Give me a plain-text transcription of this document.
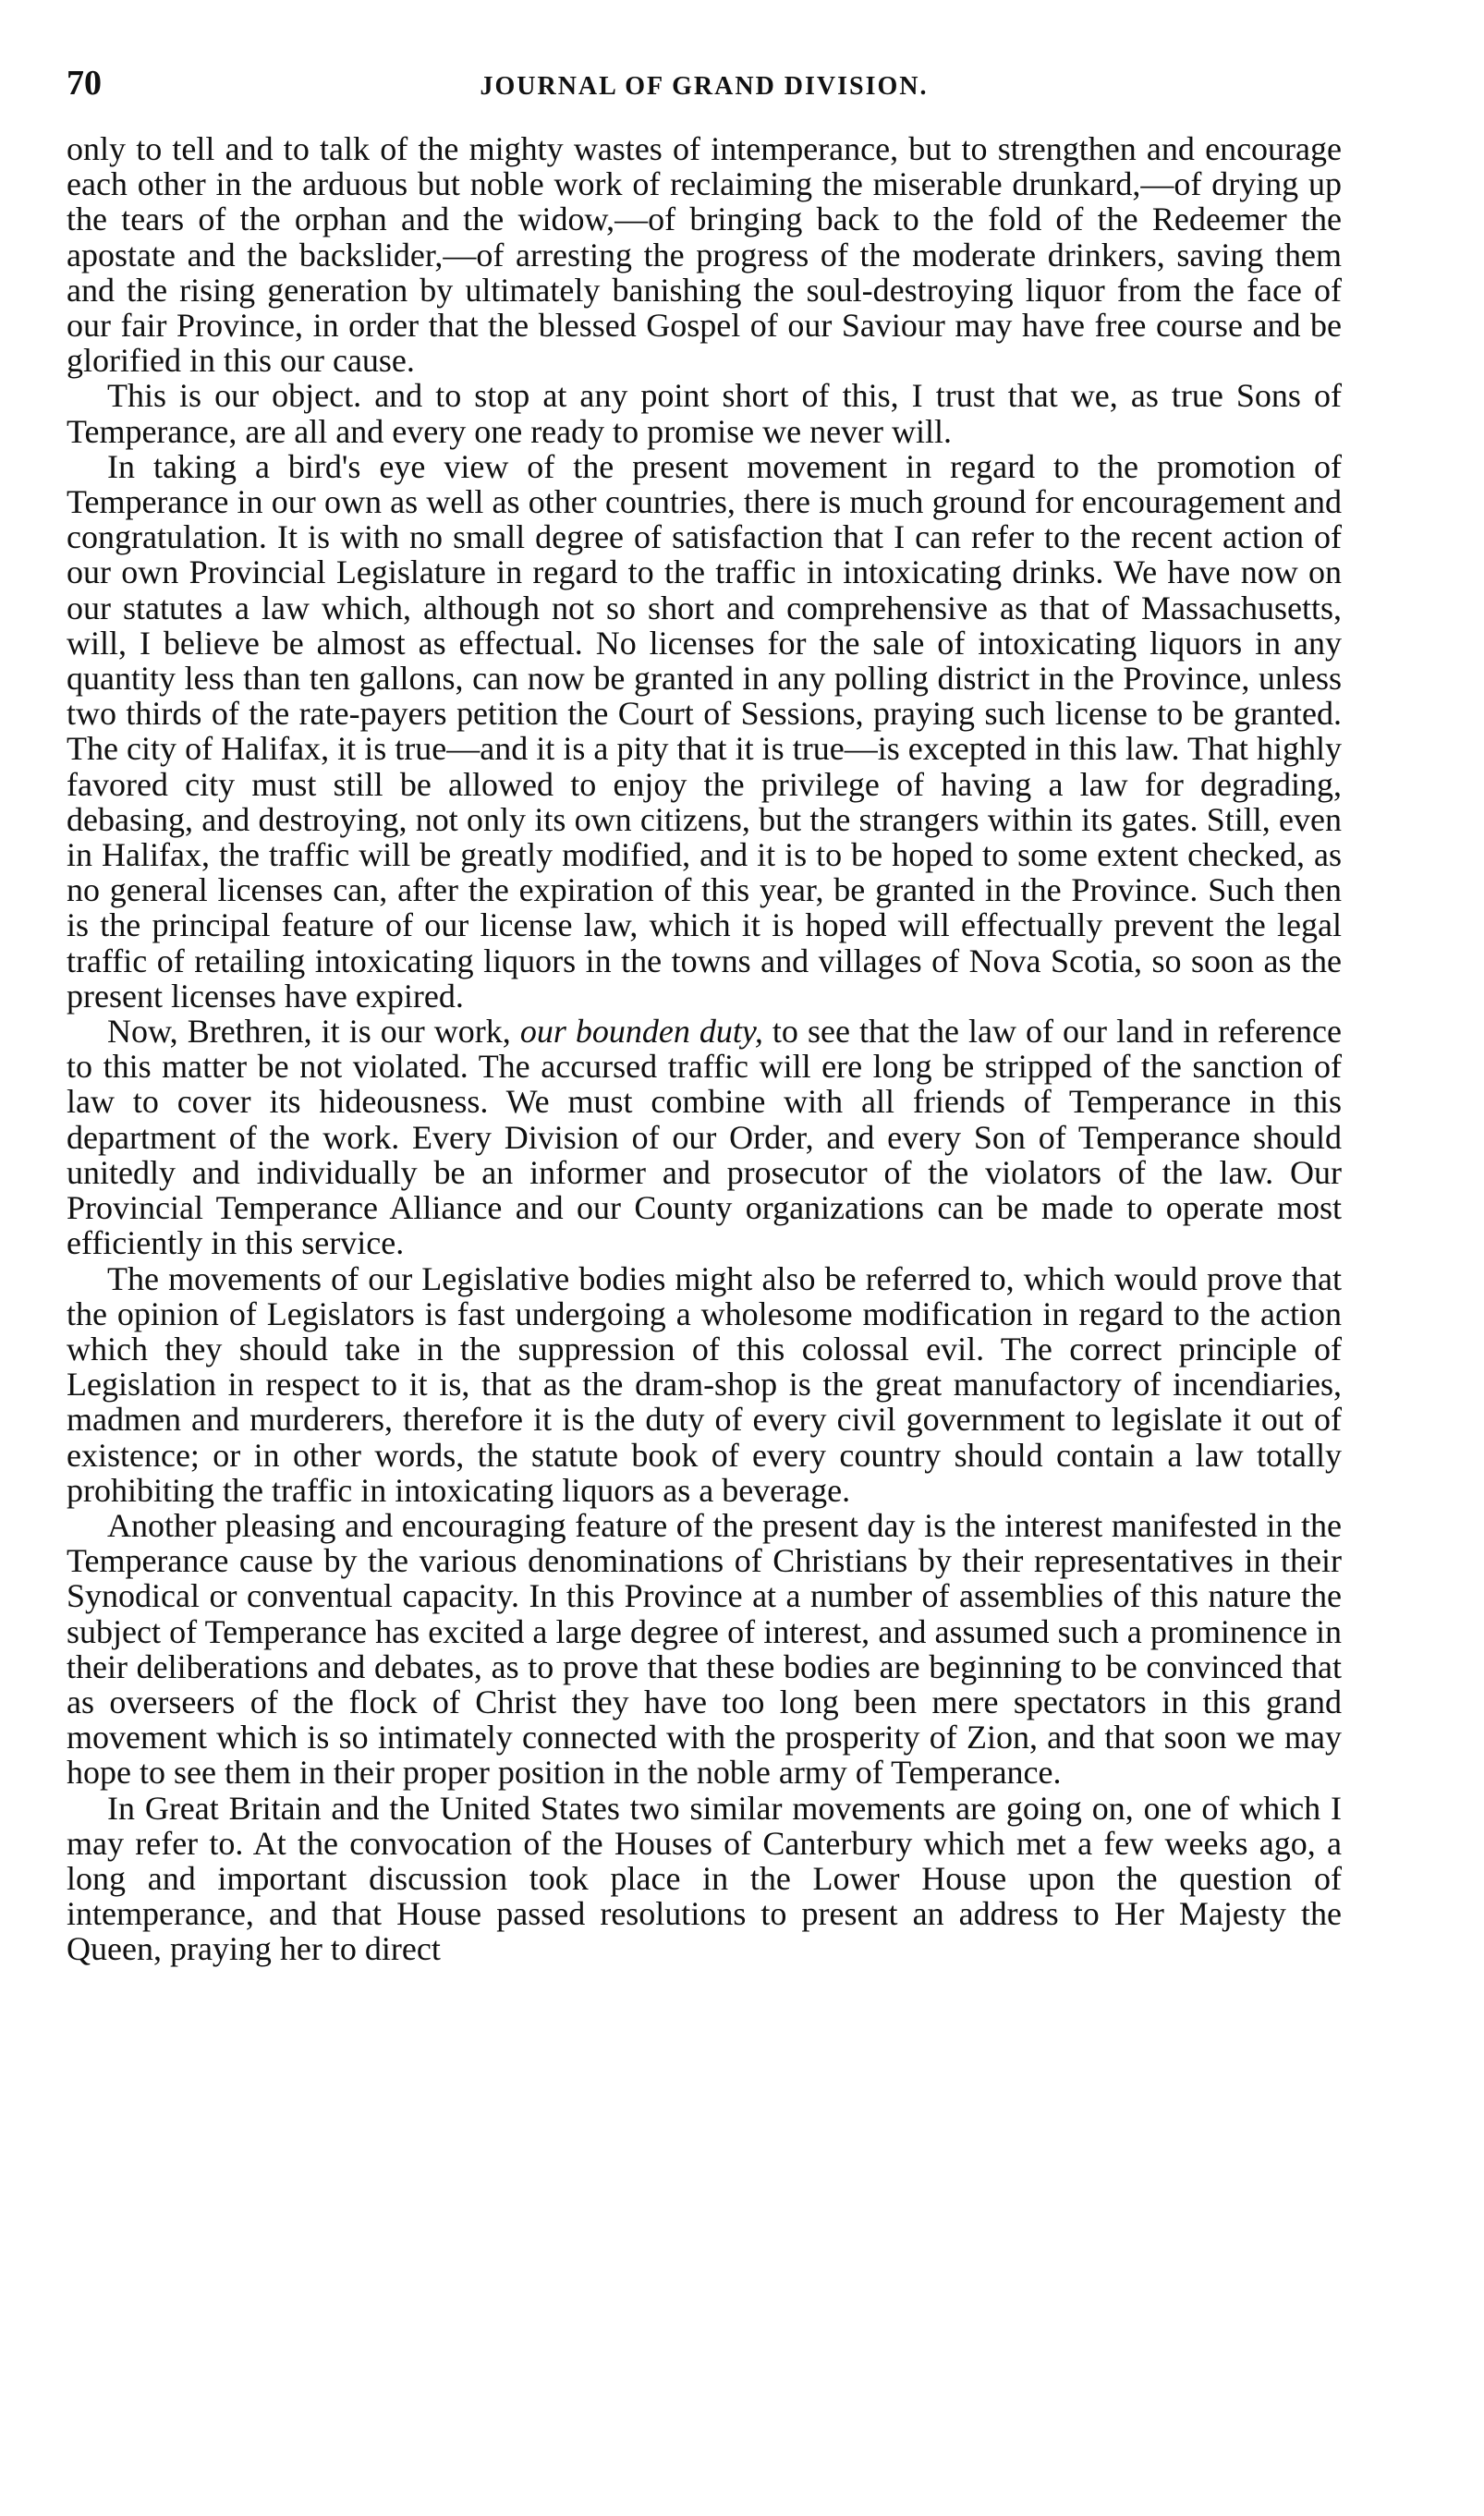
70	JOURNAL OF GRAND DIVISION.

only to tell and to talk of the mighty wastes of intemperance, but to strengthen and encourage each other in the arduous but noble work of reclaiming the miserable drunkard,—of drying up the tears of the orphan and the widow,—of bringing back to the fold of the Redeemer the apostate and the backslider,—of arresting the progress of the moderate drinkers, saving them and the rising generation by ultimately banishing the soul-destroying liquor from the face of our fair Province, in order that the blessed Gospel of our Saviour may have free course and be glorified in this our cause.

This is our object. and to stop at any point short of this, I trust that we, as true Sons of Temperance, are all and every one ready to promise we never will.

In taking a bird's eye view of the present movement in regard to the promotion of Temperance in our own as well as other countries, there is much ground for encouragement and congratulation. It is with no small degree of satisfaction that I can refer to the recent action of our own Provincial Legislature in regard to the traffic in intoxicating drinks. We have now on our statutes a law which, although not so short and comprehensive as that of Massachusetts, will, I believe be almost as effectual. No licenses for the sale of intoxicating liquors in any quantity less than ten gallons, can now be granted in any polling district in the Province, unless two thirds of the rate-payers petition the Court of Sessions, praying such license to be granted. The city of Halifax, it is true—and it is a pity that it is true—is excepted in this law. That highly favored city must still be allowed to enjoy the privilege of having a law for degrading, debasing, and destroying, not only its own citizens, but the strangers within its gates. Still, even in Halifax, the traffic will be greatly modified, and it is to be hoped to some extent checked, as no general licenses can, after the expiration of this year, be granted in the Province. Such then is the principal feature of our license law, which it is hoped will effectually prevent the legal traffic of retailing intoxicating liquors in the towns and villages of Nova Scotia, so soon as the present licenses have expired.

Now, Brethren, it is our work, our bounden duty, to see that the law of our land in reference to this matter be not violated. The accursed traffic will ere long be stripped of the sanction of law to cover its hideousness. We must combine with all friends of Temperance in this department of the work. Every Division of our Order, and every Son of Temperance should unitedly and individually be an informer and prosecutor of the violators of the law. Our Provincial Temperance Alliance and our County organizations can be made to operate most efficiently in this service.

The movements of our Legislative bodies might also be referred to, which would prove that the opinion of Legislators is fast undergoing a wholesome modification in regard to the action which they should take in the suppression of this colossal evil. The correct principle of Legislation in respect to it is, that as the dram-shop is the great manufactory of incendiaries, madmen and murderers, therefore it is the duty of every civil government to legislate it out of existence; or in other words, the statute book of every country should contain a law totally prohibiting the traffic in intoxicating liquors as a beverage.

Another pleasing and encouraging feature of the present day is the interest manifested in the Temperance cause by the various denominations of Christians by their representatives in their Synodical or conventual capacity. In this Province at a number of assemblies of this nature the subject of Temperance has excited a large degree of interest, and assumed such a prominence in their deliberations and debates, as to prove that these bodies are beginning to be convinced that as overseers of the flock of Christ they have too long been mere spectators in this grand movement which is so intimately connected with the prosperity of Zion, and that soon we may hope to see them in their proper position in the noble army of Temperance.

In Great Britain and the United States two similar movements are going on, one of which I may refer to. At the convocation of the Houses of Canterbury which met a few weeks ago, a long and important discussion took place in the Lower House upon the question of intemperance, and that House passed resolutions to present an address to Her Majesty the Queen, praying her to direct
